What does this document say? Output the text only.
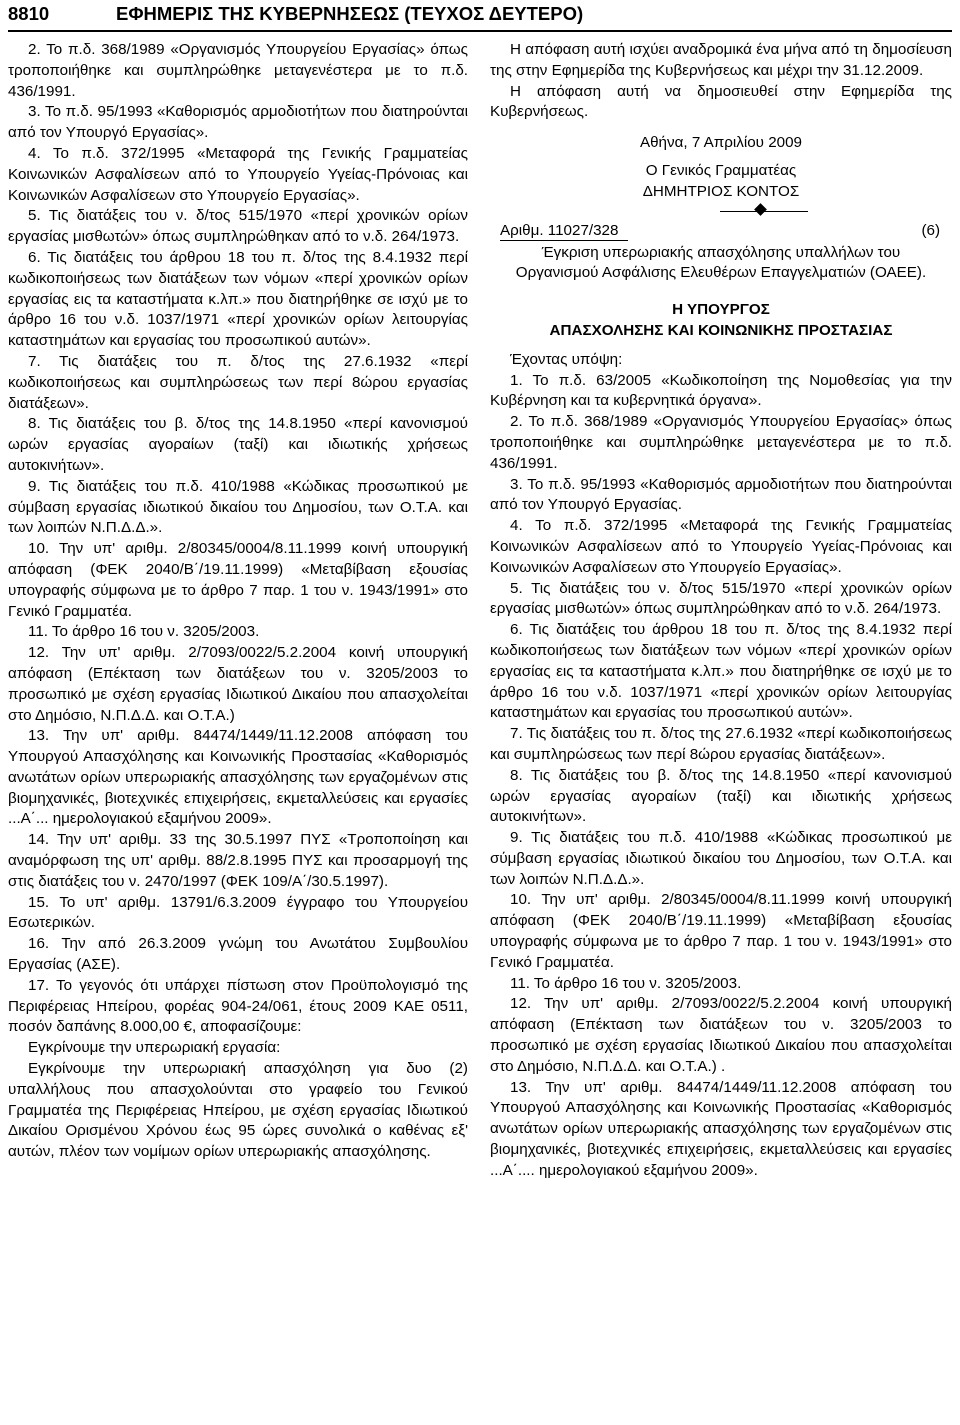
8810	ΕΦΗΜΕΡΙΣ ΤΗΣ ΚΥΒΕΡΝΗΣΕΩΣ (ΤΕΥΧΟΣ ΔΕΥΤΕΡΟ)
2. Το π.δ. 368/1989 «Οργανισμός Υπουργείου Εργασίας» όπως τροποποιήθηκε και συμπληρώθηκε μεταγενέστερα με το π.δ. 436/1991.
3. Το π.δ. 95/1993 «Καθορισμός αρμοδιοτήτων που διατηρούνται από τον Υπουργό Εργασίας».
4. Το π.δ. 372/1995 «Μεταφορά της Γενικής Γραμματείας Κοινωνικών Ασφαλίσεων από το Υπουργείο Υγείας-Πρόνοιας και Κοινωνικών Ασφαλίσεων στο Υπουργείο Εργασίας».
5. Τις διατάξεις του ν. δ/τος 515/1970 «περί χρονικών ορίων εργασίας μισθωτών» όπως συμπληρώθηκαν από το ν.δ. 264/1973.
6. Τις διατάξεις του άρθρου 18 του π. δ/τος της 8.4.1932 περί κωδικοποιήσεως των διατάξεων των νόμων «περί χρονικών ορίων εργασίας εις τα καταστήματα κ.λπ.» που διατηρήθηκε σε ισχύ με το άρθρο 16 του ν.δ. 1037/1971 «περί χρονικών ορίων λειτουργίας καταστημάτων και εργασίας του προσωπικού αυτών».
7. Τις διατάξεις του π. δ/τος της 27.6.1932 «περί κωδικοποιήσεως και συμπληρώσεως των περί 8ώρου εργασίας διατάξεων».
8. Τις διατάξεις του β. δ/τος της 14.8.1950 «περί κανονισμού ωρών εργασίας αγοραίων (ταξί) και ιδιωτικής χρήσεως αυτοκινήτων».
9. Τις διατάξεις του π.δ. 410/1988 «Κώδικας προσωπικού με σύμβαση εργασίας ιδιωτικού δικαίου του Δημοσίου, των Ο.Τ.Α. και των λοιπών Ν.Π.Δ.Δ.».
10. Την υπ' αριθμ. 2/80345/0004/8.11.1999 κοινή υπουργική απόφαση (ΦΕΚ 2040/Β΄/19.11.1999) «Μεταβίβαση εξουσίας υπογραφής σύμφωνα με το άρθρο 7 παρ. 1 του ν. 1943/1991» στο Γενικό Γραμματέα.
11. Το άρθρο 16 του ν. 3205/2003.
12. Την υπ' αριθμ. 2/7093/0022/5.2.2004 κοινή υπουργική απόφαση (Επέκταση των διατάξεων του ν. 3205/2003 το προσωπικό με σχέση εργασίας Ιδιωτικού Δικαίου που απασχολείται στο Δημόσιο, Ν.Π.Δ.Δ. και Ο.Τ.Α.)
13. Την υπ' αριθμ. 84474/1449/11.12.2008 απόφαση του Υπουργού Απασχόλησης και Κοινωνικής Προστασίας «Καθορισμός ανωτάτων ορίων υπερωριακής απασχόλησης των εργαζομένων στις βιομηχανικές, βιοτεχνικές επιχειρήσεις, εκμεταλλεύσεις και εργασίες ...Α΄... ημερολογιακού εξαμήνου 2009».
14. Την υπ' αριθμ. 33 της 30.5.1997 ΠΥΣ «Τροποποίηση και αναμόρφωση της υπ' αριθμ. 88/2.8.1995 ΠΥΣ και προσαρμογή της στις διατάξεις του ν. 2470/1997 (ΦΕΚ 109/Α΄/30.5.1997).
15. Το υπ' αριθμ. 13791/6.3.2009 έγγραφο του Υπουργείου Εσωτερικών.
16. Την από 26.3.2009 γνώμη του Ανωτάτου Συμβουλίου Εργασίας (ΑΣΕ).
17. Το γεγονός ότι υπάρχει πίστωση στον Προϋπολογισμό της Περιφέρειας Ηπείρου, φορέας 904-24/061, έτους 2009 ΚΑΕ 0511, ποσόν δαπάνης 8.000,00 €, αποφασίζουμε:
Εγκρίνουμε την υπερωριακή εργασία:
Εγκρίνουμε την υπερωριακή απασχόληση για δυο (2) υπαλλήλους που απασχολούνται στο γραφείο του Γενικού Γραμματέα της Περιφέρειας Ηπείρου, με σχέση εργασίας Ιδιωτικού Δικαίου Ορισμένου Χρόνου έως 95 ώρες συνολικά ο καθένας εξ' αυτών, πλέον των νομίμων ορίων υπερωριακής απασχόλησης.
Η απόφαση αυτή ισχύει αναδρομικά ένα μήνα από τη δημοσίευση της στην Εφημερίδα της Κυβερνήσεως και μέχρι την 31.12.2009.
Η απόφαση αυτή να δημοσιευθεί στην Εφημερίδα της Κυβερνήσεως.
Αθήνα, 7 Απριλίου 2009
Ο Γενικός Γραμματέας
ΔΗΜΗΤΡΙΟΣ ΚΟΝΤΟΣ
Αριθμ. 11027/328	(6)
Έγκριση υπερωριακής απασχόλησης υπαλλήλων του Οργανισμού Ασφάλισης Ελευθέρων Επαγγελματιών (ΟΑΕΕ).
Η ΥΠΟΥΡΓΟΣ
ΑΠΑΣΧΟΛΗΣΗΣ ΚΑΙ ΚΟΙΝΩΝΙΚΗΣ ΠΡΟΣΤΑΣΙΑΣ
Έχοντας υπόψη:
1. Το π.δ. 63/2005 «Κωδικοποίηση της Νομοθεσίας για την Κυβέρνηση και τα κυβερνητικά όργανα».
2. Το π.δ. 368/1989 «Οργανισμός Υπουργείου Εργασίας» όπως τροποποιήθηκε και συμπληρώθηκε μεταγενέστερα με το π.δ. 436/1991.
3. Το π.δ. 95/1993 «Καθορισμός αρμοδιοτήτων που διατηρούνται από τον Υπουργό Εργασίας.
4. Το π.δ. 372/1995 «Μεταφορά της Γενικής Γραμματείας Κοινωνικών Ασφαλίσεων από το Υπουργείο Υγείας-Πρόνοιας και Κοινωνικών Ασφαλίσεων στο Υπουργείο Εργασίας».
5. Τις διατάξεις του ν. δ/τος 515/1970 «περί χρονικών ορίων εργασίας μισθωτών» όπως συμπληρώθηκαν από το ν.δ. 264/1973.
6. Τις διατάξεις του άρθρου 18 του π. δ/τος της 8.4.1932 περί κωδικοποιήσεως των διατάξεων των νόμων «περί χρονικών ορίων εργασίας εις τα καταστήματα κ.λπ.» που διατηρήθηκε σε ισχύ με το άρθρο 16 του ν.δ. 1037/1971 «περί χρονικών ορίων λειτουργίας καταστημάτων και εργασίας του προσωπικού αυτών».
7. Τις διατάξεις του π. δ/τος της 27.6.1932 «περί κωδικοποιήσεως και συμπληρώσεως των περί 8ώρου εργασίας διατάξεων».
8. Τις διατάξεις του β. δ/τος της 14.8.1950 «περί κανονισμού ωρών εργασίας αγοραίων (ταξί) και ιδιωτικής χρήσεως αυτοκινήτων».
9. Τις διατάξεις του π.δ. 410/1988 «Κώδικας προσωπικού με σύμβαση εργασίας ιδιωτικού δικαίου του Δημοσίου, των Ο.Τ.Α. και των λοιπών Ν.Π.Δ.Δ.».
10. Την υπ' αριθμ. 2/80345/0004/8.11.1999 κοινή υπουργική απόφαση (ΦΕΚ 2040/Β΄/19.11.1999) «Μεταβίβαση εξουσίας υπογραφής σύμφωνα με το άρθρο 7 παρ. 1 του ν. 1943/1991» στο Γενικό Γραμματέα.
11. Το άρθρο 16 του ν. 3205/2003.
12. Την υπ' αριθμ. 2/7093/0022/5.2.2004 κοινή υπουργική απόφαση (Επέκταση των διατάξεων του ν. 3205/2003 το προσωπικό με σχέση εργασίας Ιδιωτικού Δικαίου που απασχολείται στο Δημόσιο, Ν.Π.Δ.Δ. και Ο.Τ.Α.) .
13. Την υπ' αριθμ. 84474/1449/11.12.2008 απόφαση του Υπουργού Απασχόλησης και Κοινωνικής Προστασίας «Καθορισμός ανωτάτων ορίων υπερωριακής απασχόλησης των εργαζομένων στις βιομηχανικές, βιοτεχνικές επιχειρήσεις, εκμεταλλεύσεις και εργασίες ...Α΄.... ημερολογιακού εξαμήνου 2009».
